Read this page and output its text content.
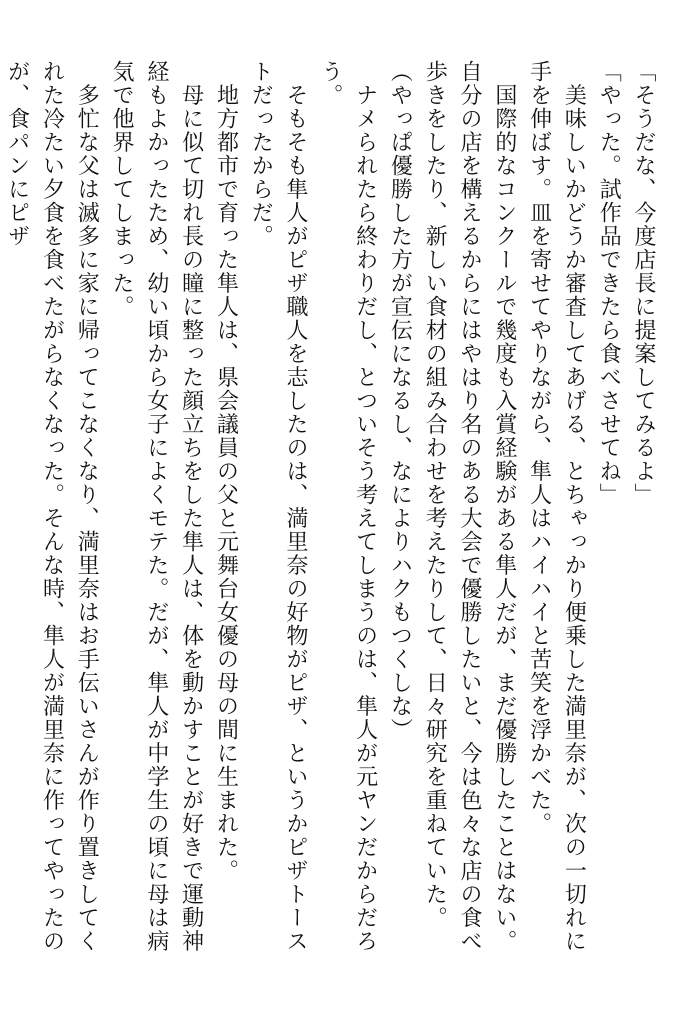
「そうだな、今度店長に提案してみるよ」

「やった。試作品できたら食べさせてね」

　美味しいかどうか審査してあげる、とちゃっかり便乗した満里奈が、次の一切れに手を伸ばす。皿を寄せてやりながら、隼人はハイハイと苦笑を浮かべた。

　国際的なコンクールで幾度も入賞経験がある隼人だが、まだ優勝したことはない。自分の店を構えるからにはやはり名のある大会で優勝したいと、今は色々な店の食べ歩きをしたり、新しい食材の組み合わせを考えたりして、日々研究を重ねていた。

（やっぱ優勝した方が宣伝になるし、なによりハクもつくしな）

　ナメられたら終わりだし、とついそう考えてしまうのは、隼人が元ヤンだからだろう。

　そもそも隼人がピザ職人を志したのは、満里奈の好物がピザ、というかピザトーストだったからだ。

　地方都市で育った隼人は、県会議員の父と元舞台女優の母の間に生まれた。

　母に似て切れ長の瞳に整った顔立ちをした隼人は、体を動かすことが好きで運動神経もよかったため、幼い頃から女子によくモテた。だが、隼人が中学生の頃に母は病気で他界してしまった。

　多忙な父は滅多に家に帰ってこなくなり、満里奈はお手伝いさんが作り置きしてくれた冷たい夕食を食べたがらなくなった。そんな時、隼人が満里奈に作ってやったのが、食パンにピザ
